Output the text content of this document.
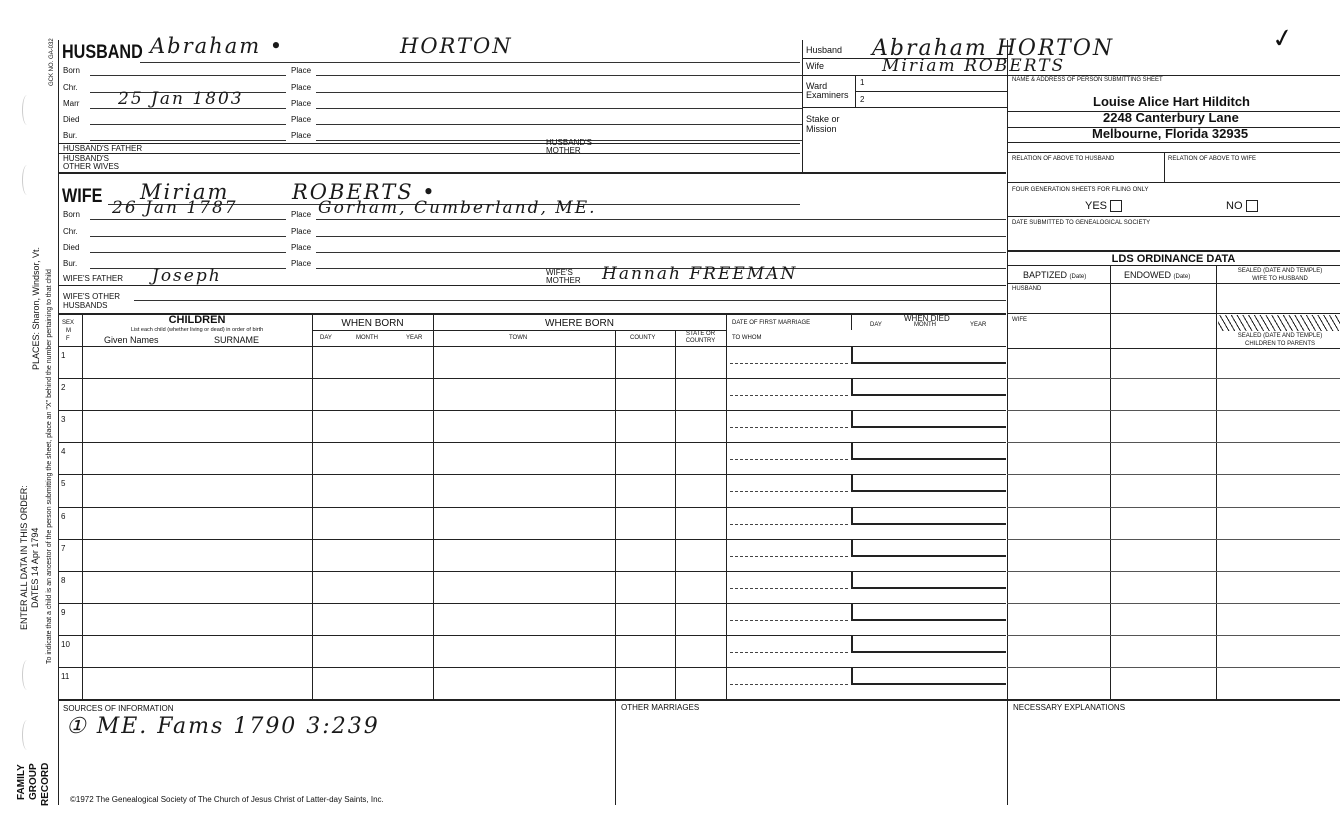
GCK NO. GA-032
To indicate that a child is an ancestor of the person submitting the sheet, place an "X" behind the number pertaining to that child
PLACES: Sharon, Windsor, Vt.
ENTER ALL DATA IN THIS ORDER: DATES 14 Apr 1794
FAMILY GROUP RECORD
HUSBAND Abraham •	HORTON
Born	Place
Chr.	Place
Marr 25 Jan 1803	Place
Died	Place
Bur.	Place
HUSBAND'S FATHER
HUSBAND'S
MOTHER
HUSBAND'S
OTHER WIVES
WIFE Miriam	ROBERTS •
Born 26 Jan 1787	Place Gorham, Cumberland, ME.
Chr.	Place
Died	Place
Bur.	Place
WIFE'S FATHER Joseph	WIFE'S
MOTHER Hannah FREEMAN
WIFE'S OTHER
HUSBANDS
Husband Abraham HORTON
Wife	Miriam ROBERTS
Ward
Examiners
1
2
Stake or
Mission
✓
NAME & ADDRESS OF PERSON SUBMITTING SHEET
Louise Alice Hart Hilditch
2248 Canterbury Lane
Melbourne, Florida 32935
RELATION OF ABOVE TO HUSBAND	RELATION OF ABOVE TO WIFE
FOUR GENERATION SHEETS FOR FILING ONLY
YES	NO
DATE SUBMITTED TO GENEALOGICAL SOCIETY
LDS ORDINANCE DATA
BAPTIZED (Date)	ENDOWED (Date)
SEALED (DATE AND TEMPLE)
WIFE TO HUSBAND
HUSBAND
WIFE
SEALED (DATE AND TEMPLE)
CHILDREN TO PARENTS
SEX
M
F
CHILDREN
List each child (whether living or dead) in order of birth
Given Names	SURNAME
WHEN BORN
DAY	MONTH	YEAR
WHERE BORN
TOWN	COUNTY
STATE OR
COUNTRY
DATE OF FIRST MARRIAGE	DAY
WHEN DIED
MONTH	YEAR
TO WHOM
1
2
3
4
5
6
7
8
9
10
11
SOURCES OF INFORMATION
① ME. Fams 1790 3:239
OTHER MARRIAGES	NECESSARY EXPLANATIONS
©1972 The Genealogical Society of The Church of Jesus Christ of Latter-day Saints, Inc.
